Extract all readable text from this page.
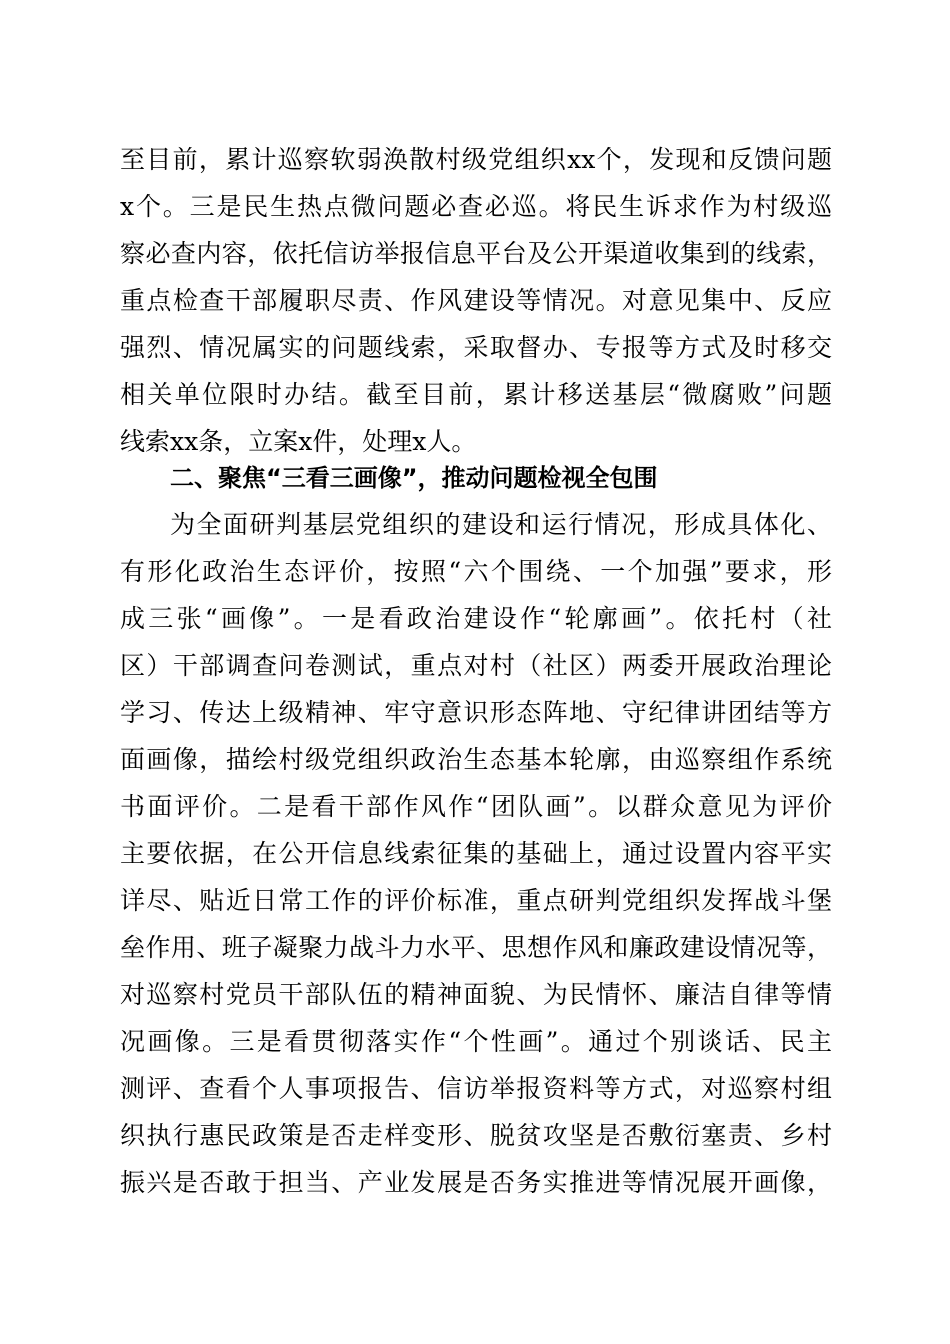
至目前，累计巡察软弱涣散村级党组织xx个，发现和反馈问题
x个。三是民生热点微问题必查必巡。将民生诉求作为村级巡
察必查内容，依托信访举报信息平台及公开渠道收集到的线索，
重点检查干部履职尽责、作风建设等情况。对意见集中、反应
强烈、情况属实的问题线索，采取督办、专报等方式及时移交
相关单位限时办结。截至目前，累计移送基层“微腐败”问题
线索xx条，立案x件，处理x人。
二、聚焦“三看三画像”，推动问题检视全包围
为全面研判基层党组织的建设和运行情况，形成具体化、
有形化政治生态评价，按照“六个围绕、一个加强”要求，形
成三张“画像”。一是看政治建设作“轮廓画”。依托村（社
区）干部调查问卷测试，重点对村（社区）两委开展政治理论
学习、传达上级精神、牢守意识形态阵地、守纪律讲团结等方
面画像，描绘村级党组织政治生态基本轮廓，由巡察组作系统
书面评价。二是看干部作风作“团队画”。以群众意见为评价
主要依据，在公开信息线索征集的基础上，通过设置内容平实
详尽、贴近日常工作的评价标准，重点研判党组织发挥战斗堡
垒作用、班子凝聚力战斗力水平、思想作风和廉政建设情况等，
对巡察村党员干部队伍的精神面貌、为民情怀、廉洁自律等情
况画像。三是看贯彻落实作“个性画”。通过个别谈话、民主
测评、查看个人事项报告、信访举报资料等方式，对巡察村组
织执行惠民政策是否走样变形、脱贫攻坚是否敷衍塞责、乡村
振兴是否敢于担当、产业发展是否务实推进等情况展开画像，
